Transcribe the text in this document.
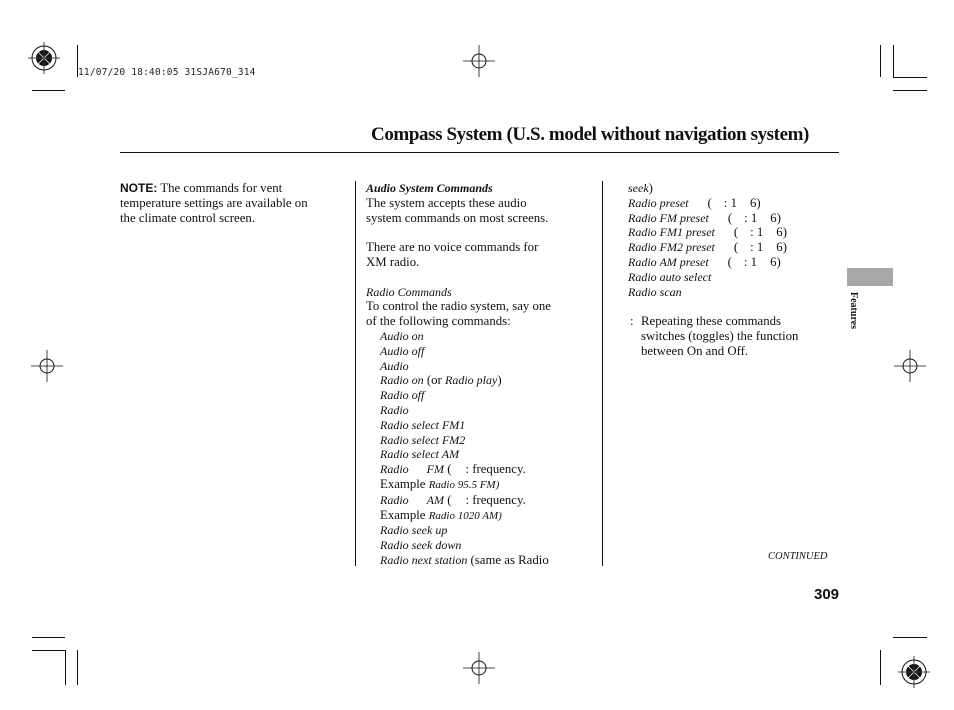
11/07/20 18:40:05 31SJA670_314
Compass System (U.S. model without navigation system)

NOTE: The commands for vent

temperature settings are available on

the climate control screen.

Audio System Commands

The system accepts these audio

system commands on most screens.

There are no voice commands for

XM radio.

Radio Commands

To control the radio system, say one

of the following commands:

Audio on

Audio off

Audio

Radio on (or Radio play)

Radio off

Radio

Radio select FM1

Radio select FM2

Radio select AM

Radio FM ( : frequency.

Example Radio 95.5 FM)

Radio AM ( : frequency.

Example Radio 1020 AM)

Radio seek up

Radio seek down

Radio next station (same as Radio

seek)

Radio preset ( : 1 6)

Radio FM preset ( : 1 6)

Radio FM1 preset ( : 1 6)

Radio FM2 preset ( : 1 6)

Radio AM preset ( : 1 6)

Radio auto select

Radio scan

: Repeating these commands

switches (toggles) the function

between On and Off.

Features
CONTINUED
309
